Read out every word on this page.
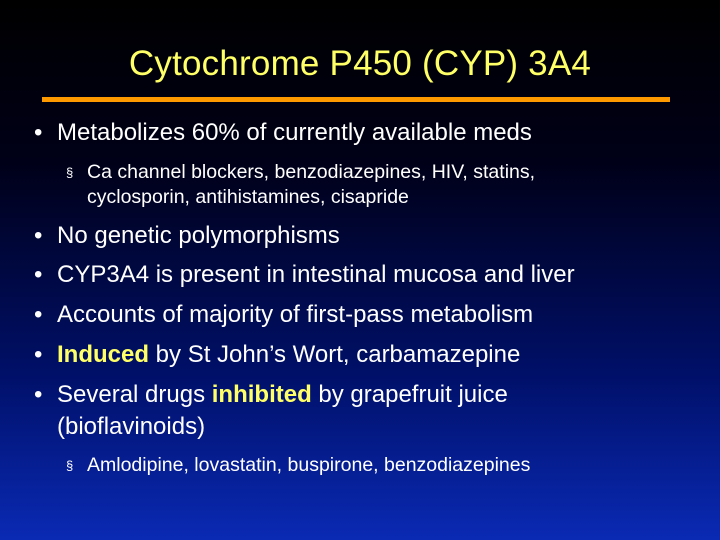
Cytochrome P450 (CYP) 3A4
• Metabolizes 60% of currently available meds
§ Ca channel blockers, benzodiazepines, HIV, statins,
cyclosporin, antihistamines, cisapride
• No genetic polymorphisms
• CYP3A4 is present in intestinal mucosa and liver
• Accounts of majority of first-pass metabolism
• Induced by St John’s Wort, carbamazepine
• Several drugs inhibited by grapefruit juice
(bioflavinoids)
§ Amlodipine, lovastatin, buspirone, benzodiazepines
